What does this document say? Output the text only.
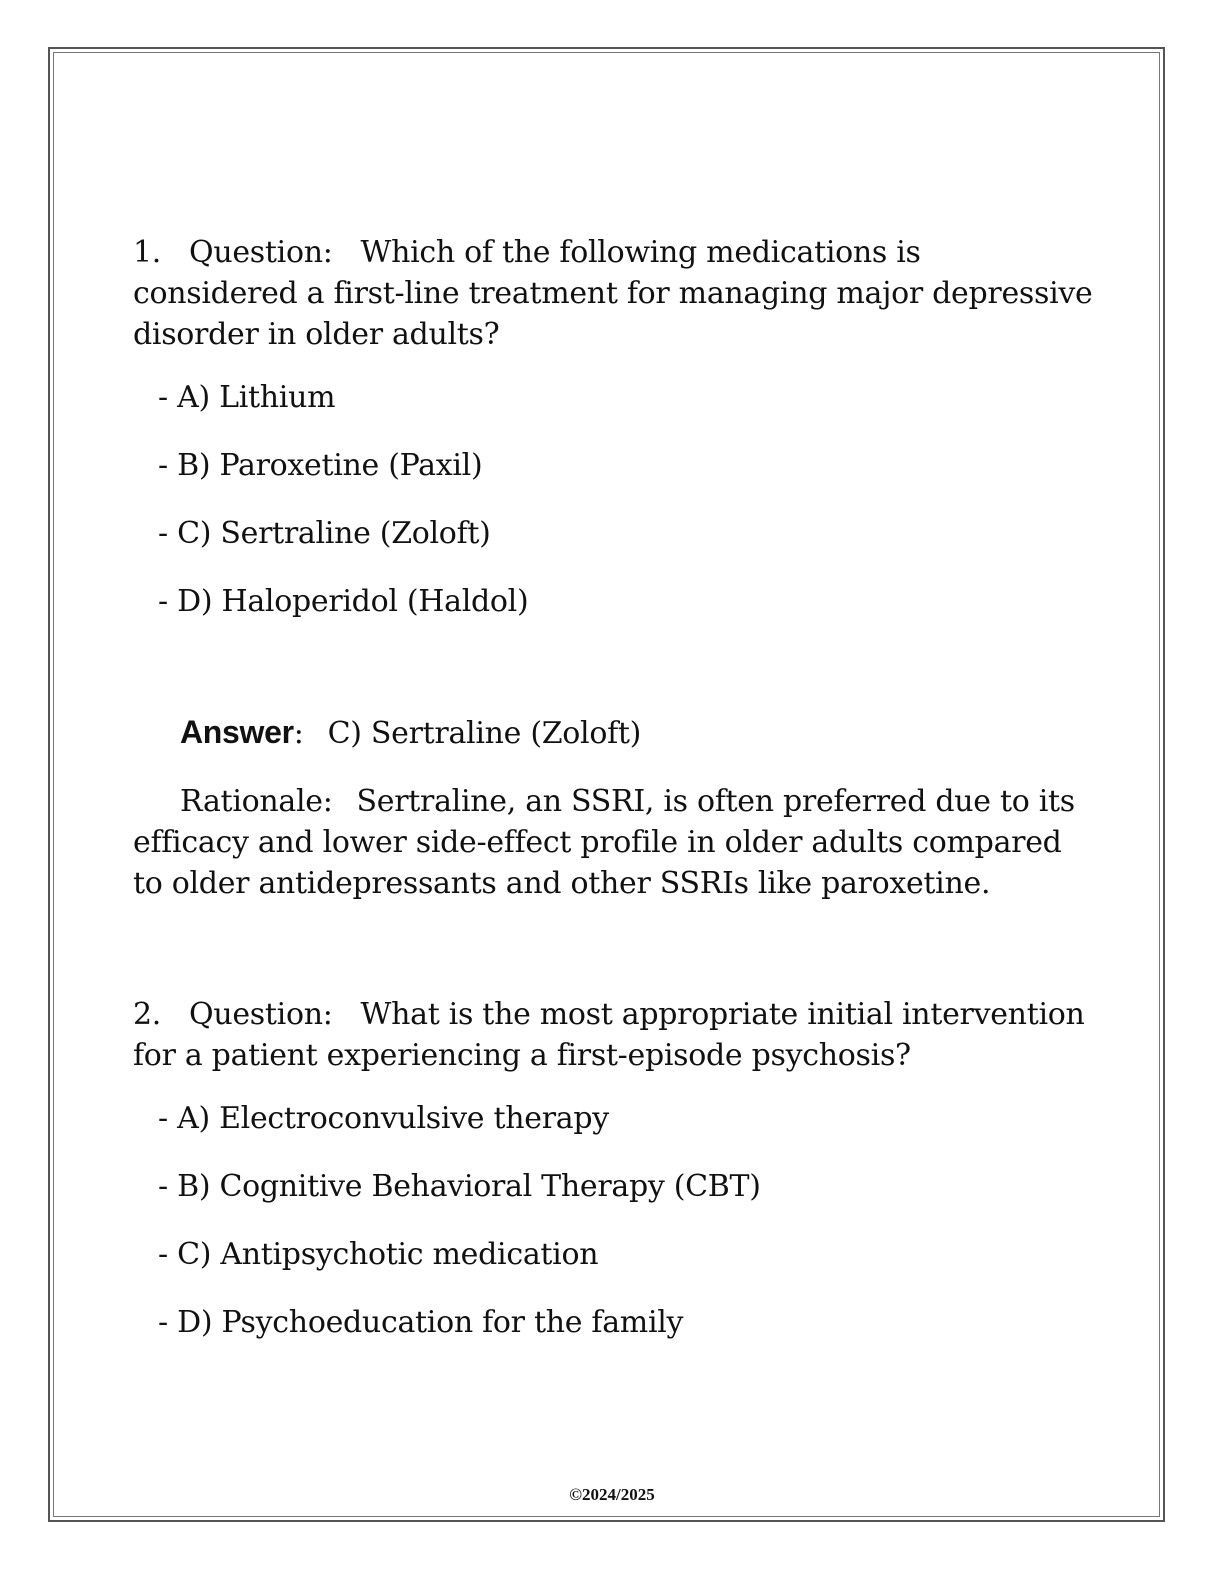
1. Question: Which of the following medications is considered a first-line treatment for managing major depressive disorder in older adults?

- A) Lithium

- B) Paroxetine (Paxil)

- C) Sertraline (Zoloft)

- D) Haloperidol (Haldol)

Answer: C) Sertraline (Zoloft)

Rationale: Sertraline, an SSRI, is often preferred due to its efficacy and lower side-effect profile in older adults compared to older antidepressants and other SSRIs like paroxetine.

2. Question: What is the most appropriate initial intervention for a patient experiencing a first-episode psychosis?

- A) Electroconvulsive therapy

- B) Cognitive Behavioral Therapy (CBT)

- C) Antipsychotic medication

- D) Psychoeducation for the family

©2024/2025
